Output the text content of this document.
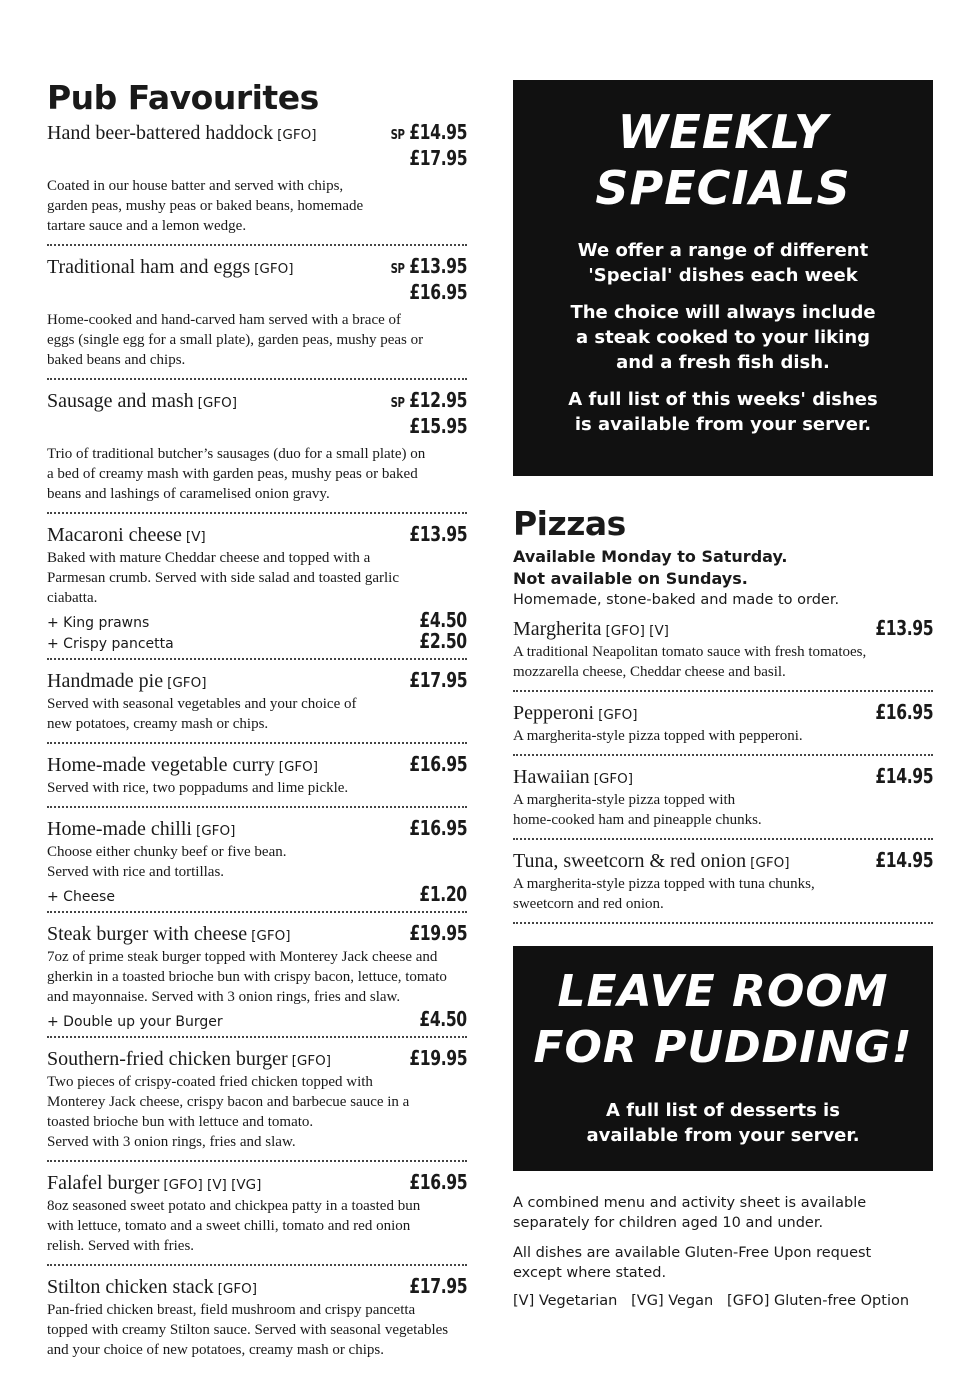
Pub Favourites
Hand beer-battered haddock [GFO]	SP £14.95
£17.95
Coated in our house batter and served with chips,
garden peas, mushy peas or baked beans, homemade
tartare sauce and a lemon wedge.
Traditional ham and eggs [GFO]	SP £13.95
£16.95
Home-cooked and hand-carved ham served with a brace of
eggs (single egg for a small plate), garden peas, mushy peas or
baked beans and chips.
Sausage and mash [GFO]	SP £12.95
£15.95
Trio of traditional butcher’s sausages (duo for a small plate) on
a bed of creamy mash with garden peas, mushy peas or baked
beans and lashings of caramelised onion gravy.
Macaroni cheese [V]	£13.95
Baked with mature Cheddar cheese and topped with a
Parmesan crumb. Served with side salad and toasted garlic
ciabatta.
+ King prawns	£4.50
+ Crispy pancetta	£2.50
Handmade pie [GFO]	£17.95
Served with seasonal vegetables and your choice of
new potatoes, creamy mash or chips.
Home-made vegetable curry [GFO]	£16.95
Served with rice, two poppadums and lime pickle.
Home-made chilli [GFO]	£16.95
Choose either chunky beef or five bean.
Served with rice and tortillas.
+ Cheese	£1.20
Steak burger with cheese [GFO]	£19.95
7oz of prime steak burger topped with Monterey Jack cheese and
gherkin in a toasted brioche bun with crispy bacon, lettuce, tomato
and mayonnaise. Served with 3 onion rings, fries and slaw.
+ Double up your Burger	£4.50
Southern-fried chicken burger [GFO]	£19.95
Two pieces of crispy-coated fried chicken topped with
Monterey Jack cheese, crispy bacon and barbecue sauce in a
toasted brioche bun with lettuce and tomato.
Served with 3 onion rings, fries and slaw.
Falafel burger [GFO] [V] [VG]	£16.95
8oz seasoned sweet potato and chickpea patty in a toasted bun
with lettuce, tomato and a sweet chilli, tomato and red onion
relish. Served with fries.
Stilton chicken stack [GFO]	£17.95
Pan-fried chicken breast, field mushroom and crispy pancetta
topped with creamy Stilton sauce. Served with seasonal vegetables
and your choice of new potatoes, creamy mash or chips.
WEEKLY
SPECIALS
We offer a range of different
'Special' dishes each week
The choice will always include
a steak cooked to your liking
and a fresh fish dish.
A full list of this weeks' dishes
is available from your server.
Pizzas
Available Monday to Saturday.
Not available on Sundays.
Homemade, stone-baked and made to order.
Margherita [GFO] [V]	£13.95
A traditional Neapolitan tomato sauce with fresh tomatoes,
mozzarella cheese, Cheddar cheese and basil.
Pepperoni [GFO]	£16.95
A margherita-style pizza topped with pepperoni.
Hawaiian [GFO]	£14.95
A margherita-style pizza topped with
home-cooked ham and pineapple chunks.
Tuna, sweetcorn & red onion [GFO]	£14.95
A margherita-style pizza topped with tuna chunks,
sweetcorn and red onion.
LEAVE ROOM
FOR PUDDING!
A full list of desserts is
available from your server.
A combined menu and activity sheet is available
separately for children aged 10 and under.
All dishes are available Gluten-Free Upon request
except where stated.
[V] Vegetarian   [VG] Vegan   [GFO] Gluten-free Option
